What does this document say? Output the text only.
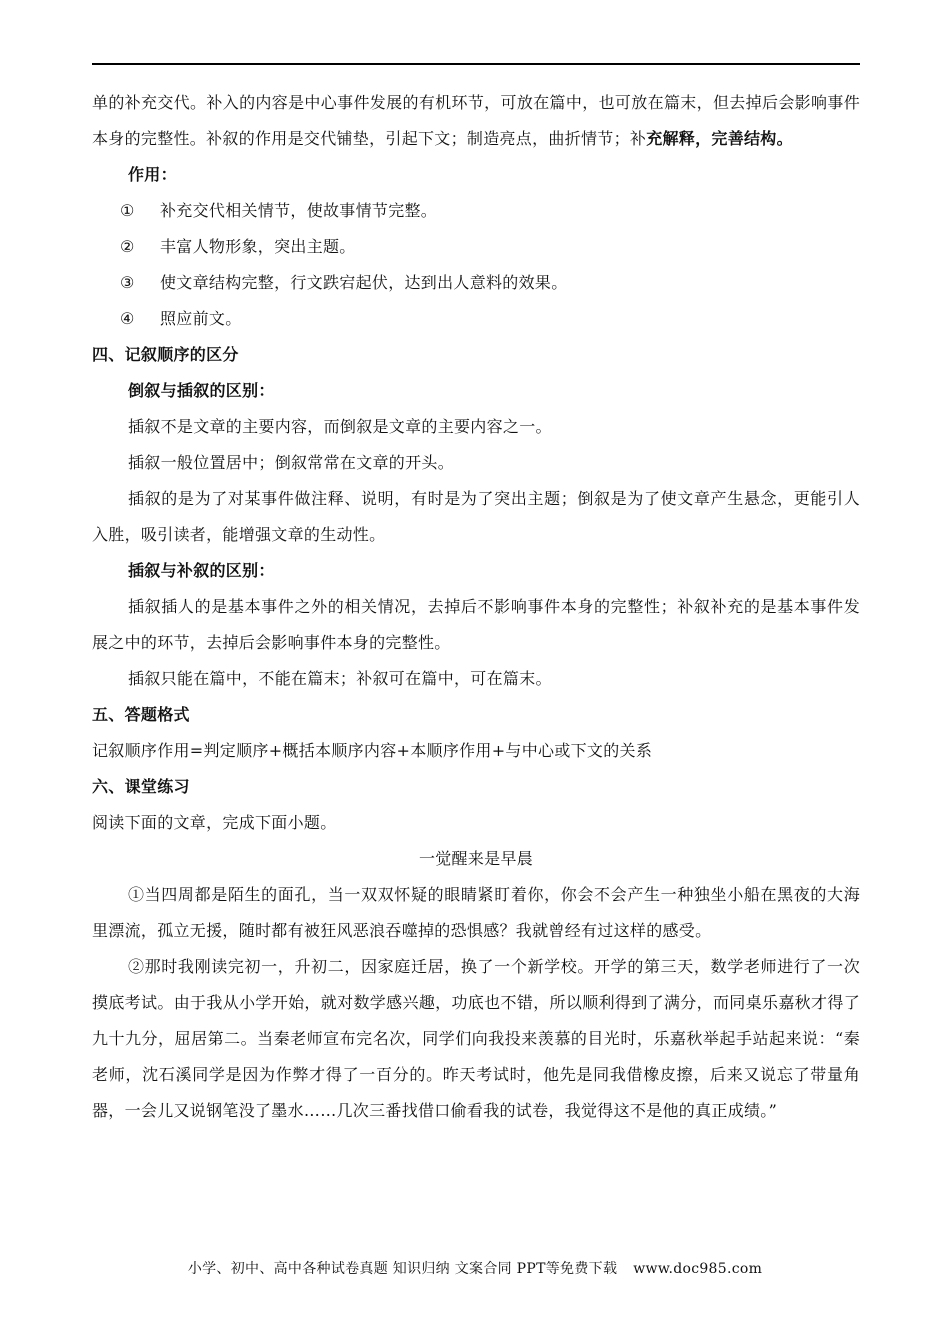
单的补充交代。补入的内容是中心事件发展的有机环节，可放在篇中，也可放在篇末，但去掉后会影响事件本身的完整性。补叙的作用是交代铺垫，引起下文；制造亮点，曲折情节；补充解释，完善结构。

作用：

① 补充交代相关情节，使故事情节完整。

② 丰富人物形象，突出主题。

③ 使文章结构完整，行文跌宕起伏，达到出人意料的效果。

④ 照应前文。

四、记叙顺序的区分

倒叙与插叙的区别：

插叙不是文章的主要内容，而倒叙是文章的主要内容之一。

插叙一般位置居中；倒叙常常在文章的开头。

插叙的是为了对某事件做注释、说明，有时是为了突出主题；倒叙是为了使文章产生悬念，更能引人入胜，吸引读者，能增强文章的生动性。

插叙与补叙的区别：

插叙插人的是基本事件之外的相关情况，去掉后不影响事件本身的完整性；补叙补充的是基本事件发展之中的环节，去掉后会影响事件本身的完整性。

插叙只能在篇中，不能在篇末；补叙可在篇中，可在篇末。

五、答题格式

记叙顺序作用=判定顺序+概括本顺序内容+本顺序作用+与中心或下文的关系

六、课堂练习

阅读下面的文章，完成下面小题。

一觉醒来是早晨

①当四周都是陌生的面孔，当一双双怀疑的眼睛紧盯着你，你会不会产生一种独坐小船在黑夜的大海里漂流，孤立无援，随时都有被狂风恶浪吞噬掉的恐惧感？我就曾经有过这样的感受。

②那时我刚读完初一，升初二，因家庭迁居，换了一个新学校。开学的第三天，数学老师进行了一次摸底考试。由于我从小学开始，就对数学感兴趣，功底也不错，所以顺利得到了满分，而同桌乐嘉秋才得了九十九分，屈居第二。当秦老师宣布完名次，同学们向我投来羡慕的目光时，乐嘉秋举起手站起来说：“秦老师，沈石溪同学是因为作弊才得了一百分的。昨天考试时，他先是同我借橡皮擦，后来又说忘了带量角器，一会儿又说钢笔没了墨水……几次三番找借口偷看我的试卷，我觉得这不是他的真正成绩。”

小学、初中、高中各种试卷真题 知识归纳 文案合同 PPT等免费下载 www.doc985.com
